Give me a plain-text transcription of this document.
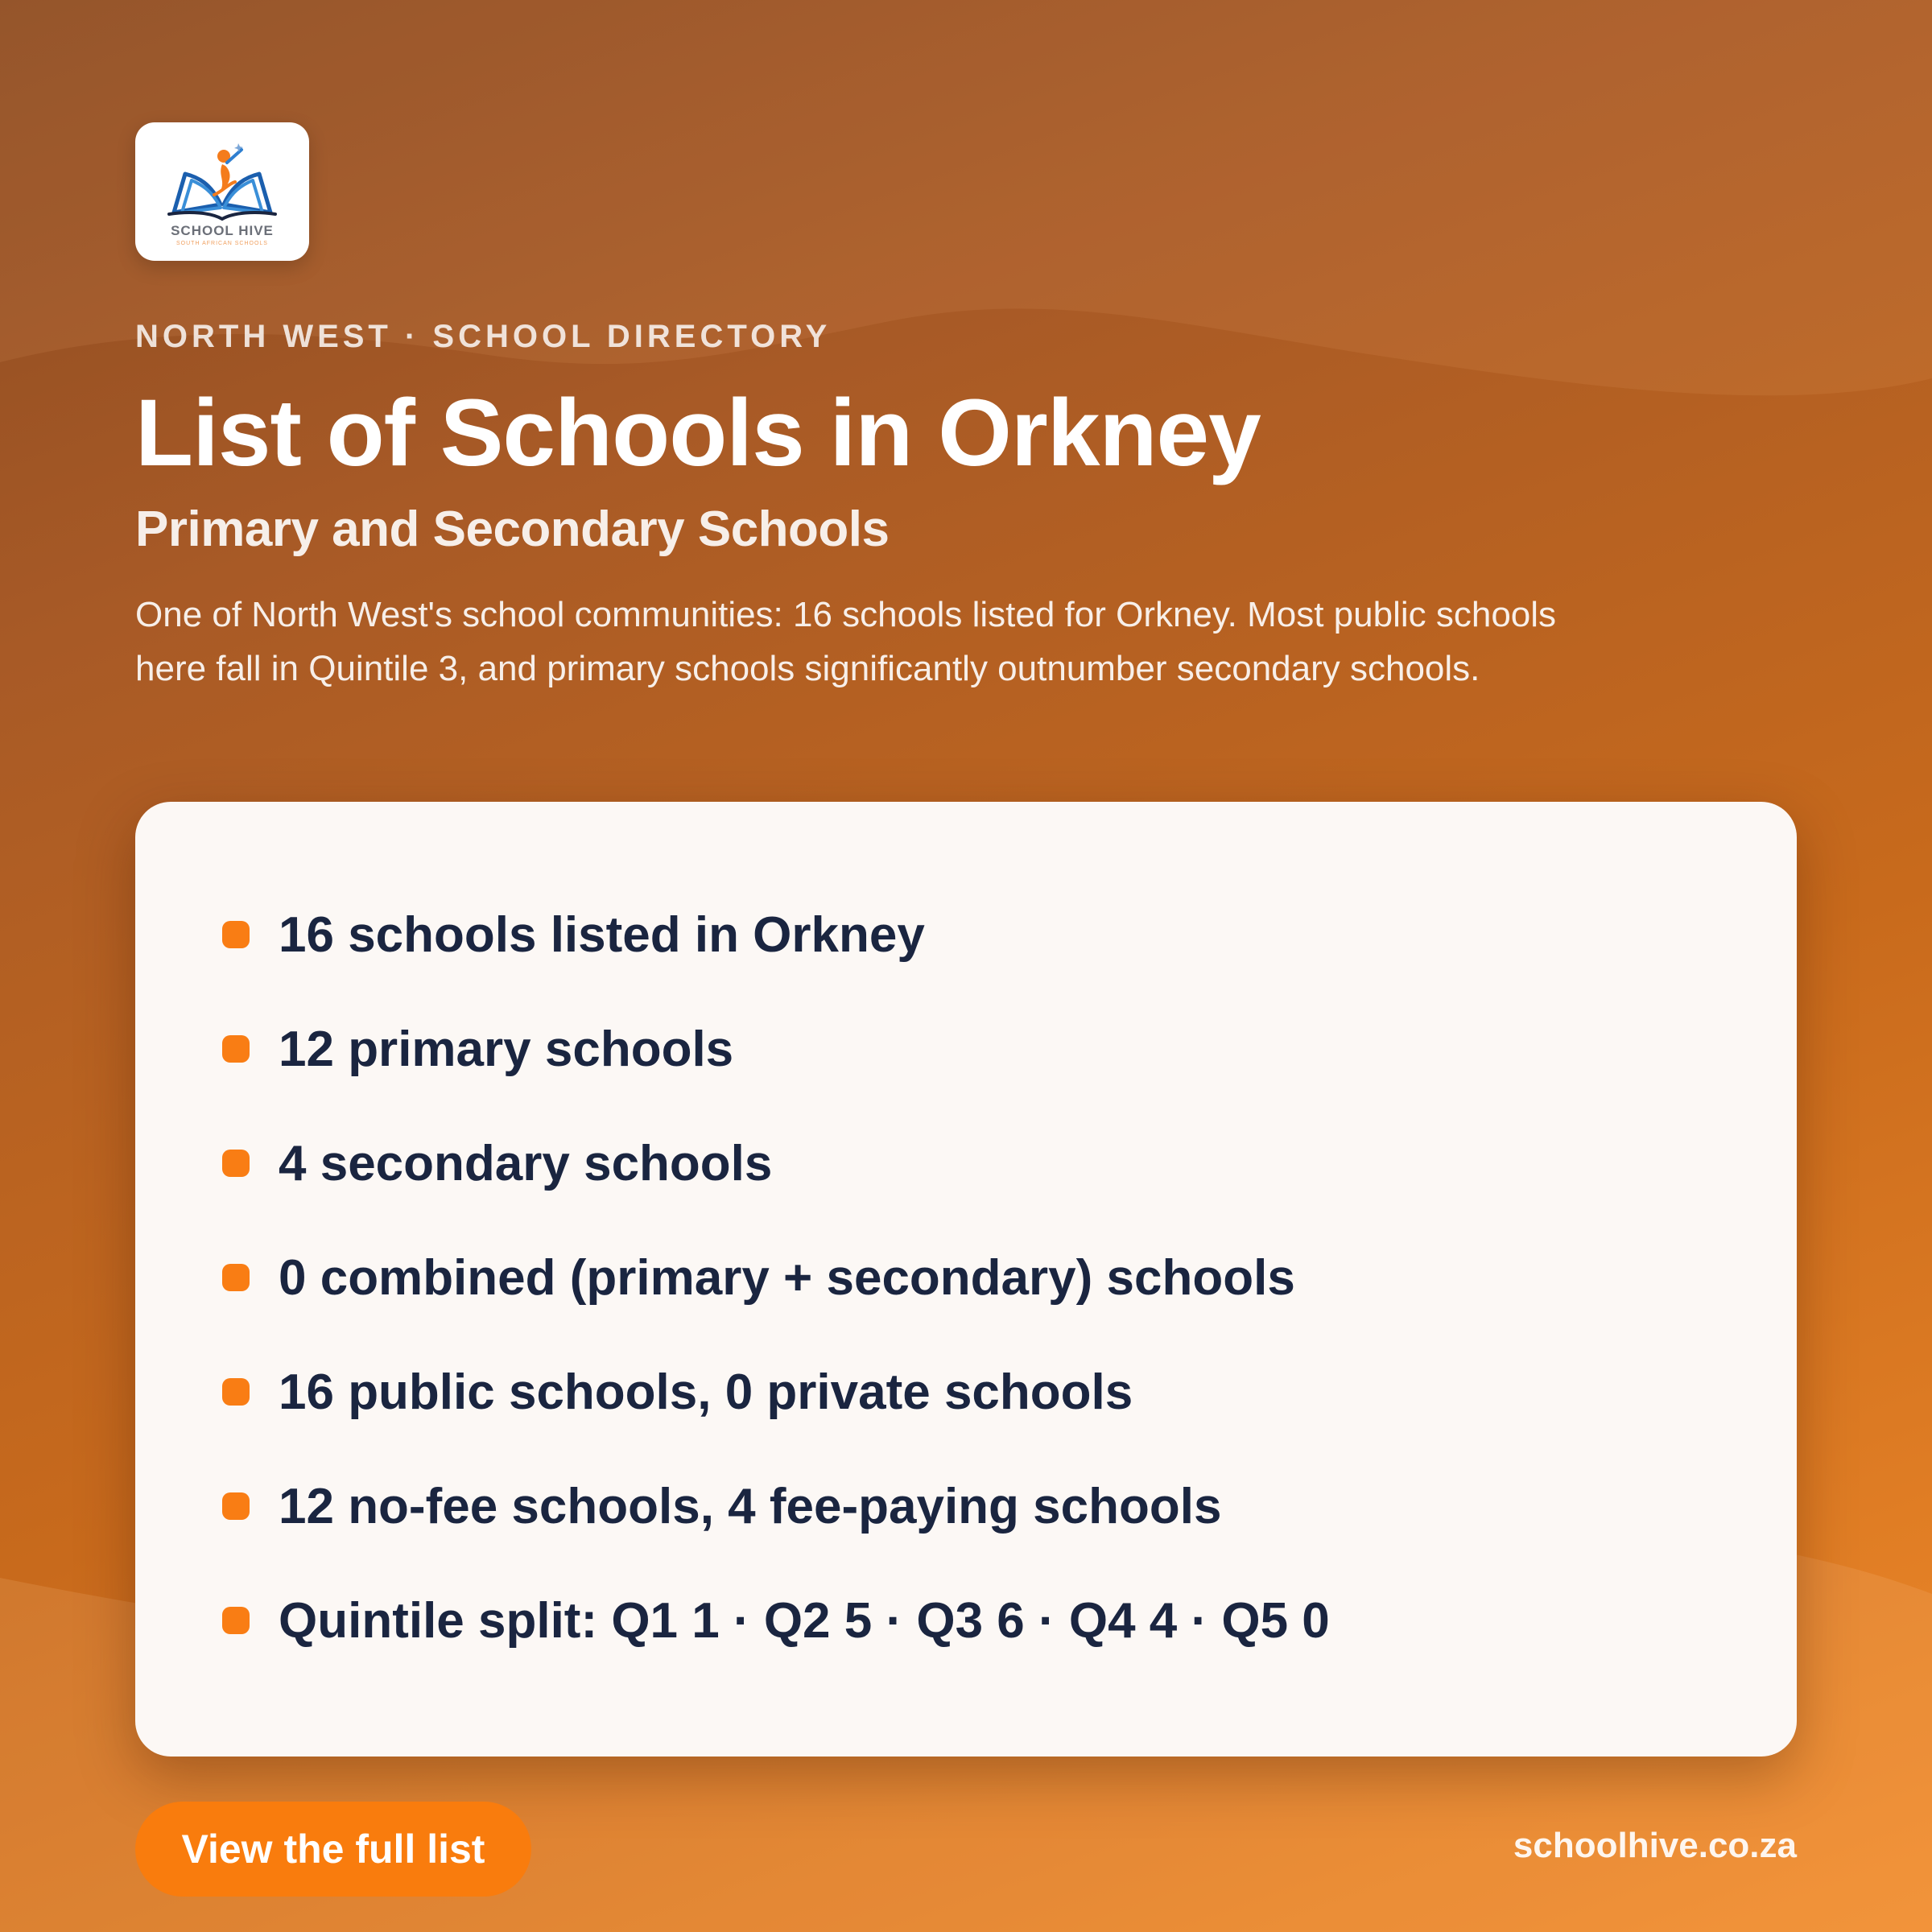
SCHOOL HIVE
SOUTH AFRICAN SCHOOLS
NORTH WEST · SCHOOL DIRECTORY
List of Schools in Orkney
Primary and Secondary Schools

One of North West's school communities: 16 schools listed for Orkney. Most public schools here fall in Quintile 3, and primary schools significantly outnumber secondary schools.

16 schools listed in Orkney
12 primary schools
4 secondary schools
0 combined (primary + secondary) schools
16 public schools, 0 private schools
12 no-fee schools, 4 fee-paying schools
Quintile split: Q1 1 · Q2 5 · Q3 6 · Q4 4 · Q5 0
View the full list	schoolhive.co.za
